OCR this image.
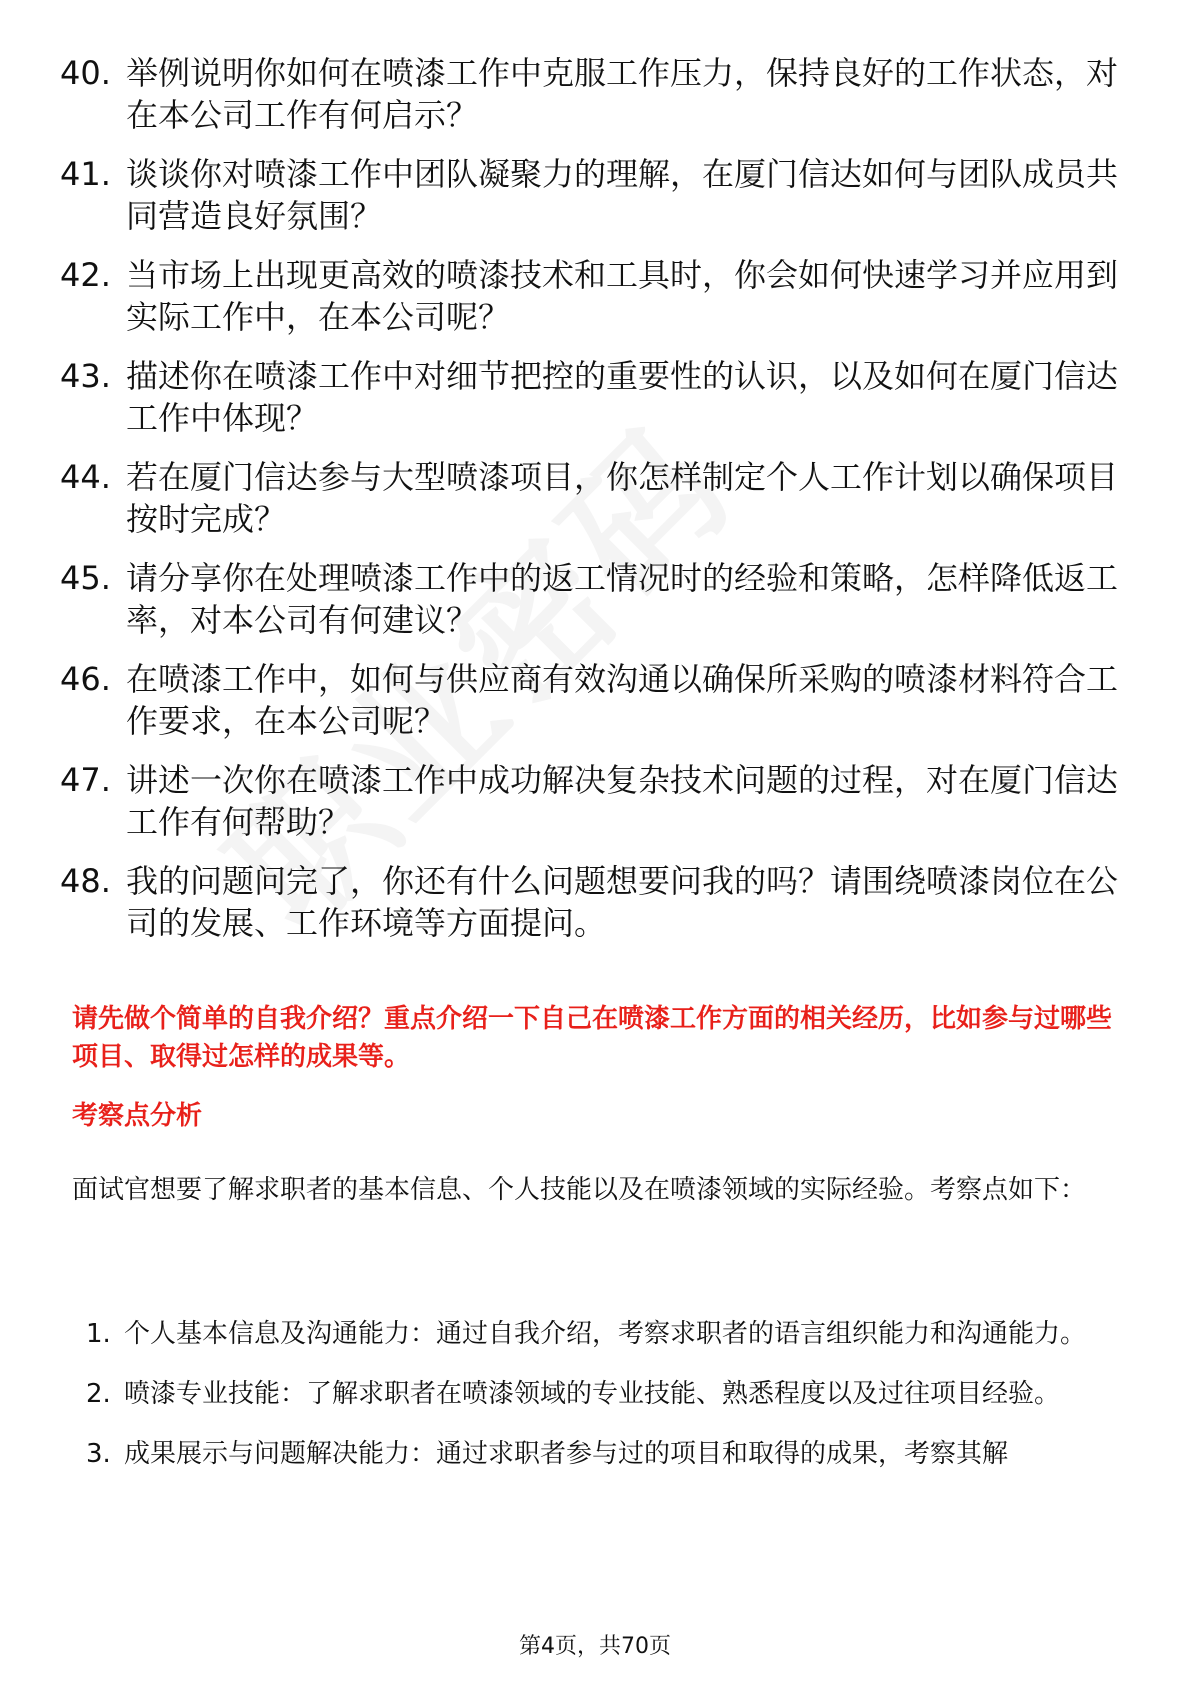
40. 举例说明你如何在喷漆工作中克服工作压力，保持良好的工作状态，对在本公司工作有何启示？
41. 谈谈你对喷漆工作中团队凝聚力的理解，在厦门信达如何与团队成员共同营造良好氛围？
42. 当市场上出现更高效的喷漆技术和工具时，你会如何快速学习并应用到实际工作中，在本公司呢？
43. 描述你在喷漆工作中对细节把控的重要性的认识，以及如何在厦门信达工作中体现？
44. 若在厦门信达参与大型喷漆项目，你怎样制定个人工作计划以确保项目按时完成？
45. 请分享你在处理喷漆工作中的返工情况时的经验和策略，怎样降低返工率，对本公司有何建议？
46. 在喷漆工作中，如何与供应商有效沟通以确保所采购的喷漆材料符合工作要求，在本公司呢？
47. 讲述一次你在喷漆工作中成功解决复杂技术问题的过程，对在厦门信达工作有何帮助？
48. 我的问题问完了，你还有什么问题想要问我的吗？请围绕喷漆岗位在公司的发展、工作环境等方面提问。

请先做个简单的自我介绍？重点介绍一下自己在喷漆工作方面的相关经历，比如参与过哪些项目、取得过怎样的成果等。

考察点分析

面试官想要了解求职者的基本信息、个人技能以及在喷漆领域的实际经验。考察点如下：

1. 个人基本信息及沟通能力：通过自我介绍，考察求职者的语言组织能力和沟通能力。
2. 喷漆专业技能：了解求职者在喷漆领域的专业技能、熟悉程度以及过往项目经验。
3. 成果展示与问题解决能力：通过求职者参与过的项目和取得的成果，考察其解

第4页，共70页
